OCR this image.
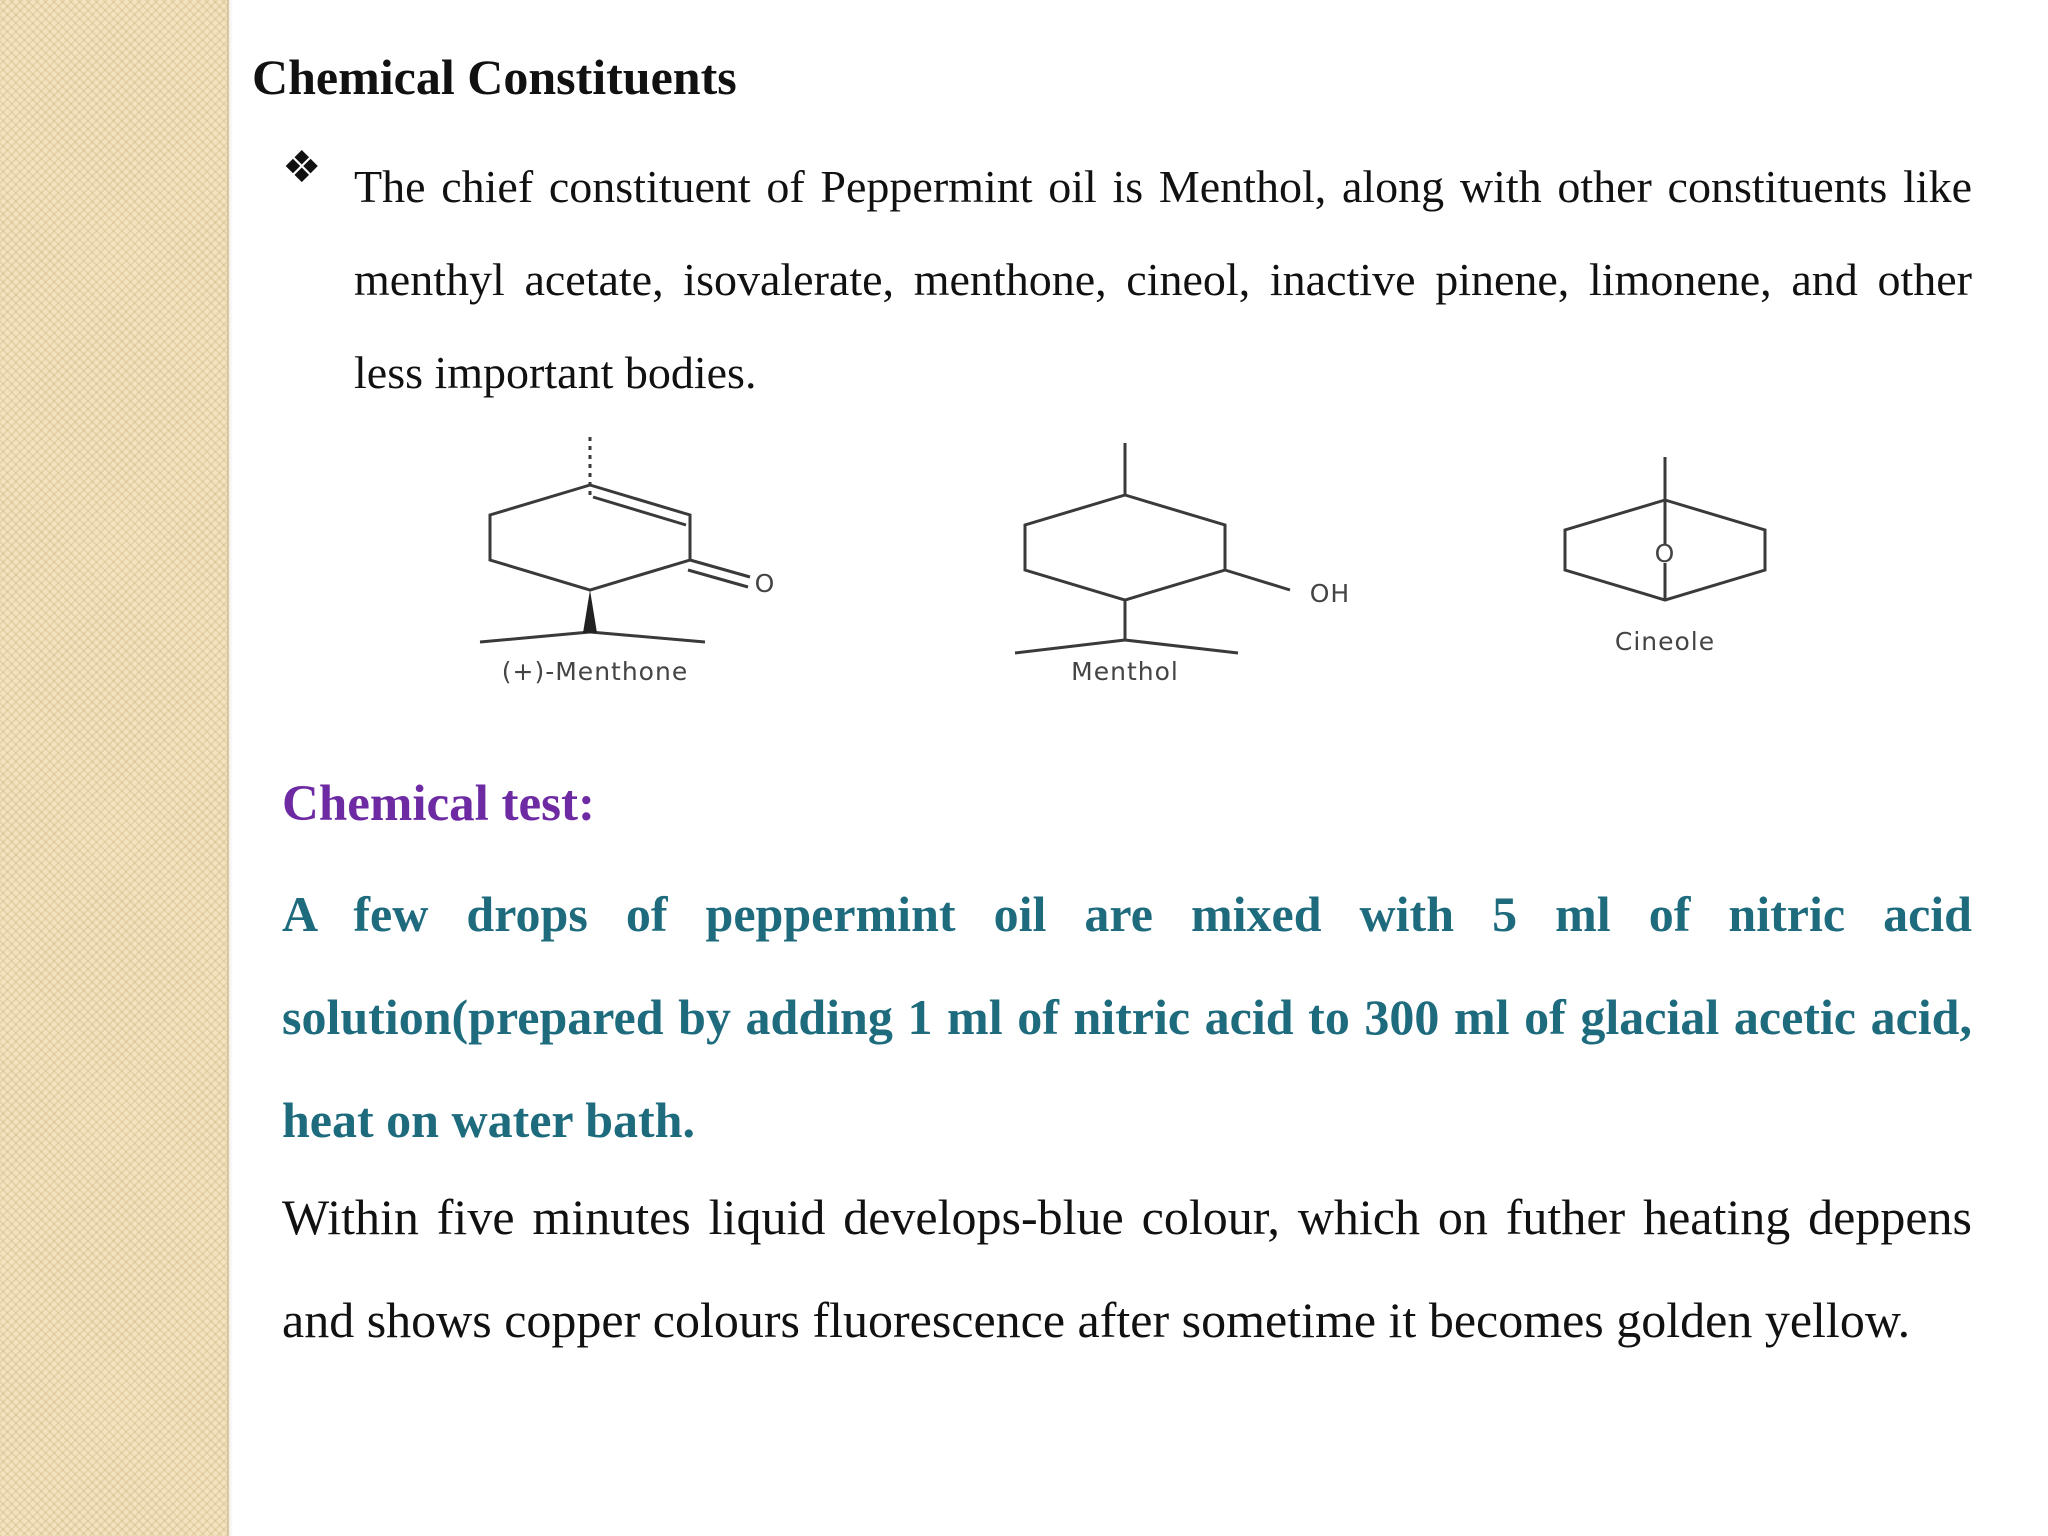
Chemical Constituents
❖ The chief constituent of Peppermint oil is Menthol, along with other constituents like menthyl acetate, isovalerate, menthone, cineol, inactive pinene, limonene, and other less important bodies.

O
(+)-Menthone
OH
Menthol
O
Cineole
Chemical test:

A few drops of peppermint oil are mixed with 5 ml of nitric acid solution(prepared by adding 1 ml of nitric acid to 300 ml of glacial acetic acid, heat on water bath.

Within five minutes liquid develops-blue colour, which on futher heating deppens and shows copper colours fluorescence after sometime it becomes golden yellow.
